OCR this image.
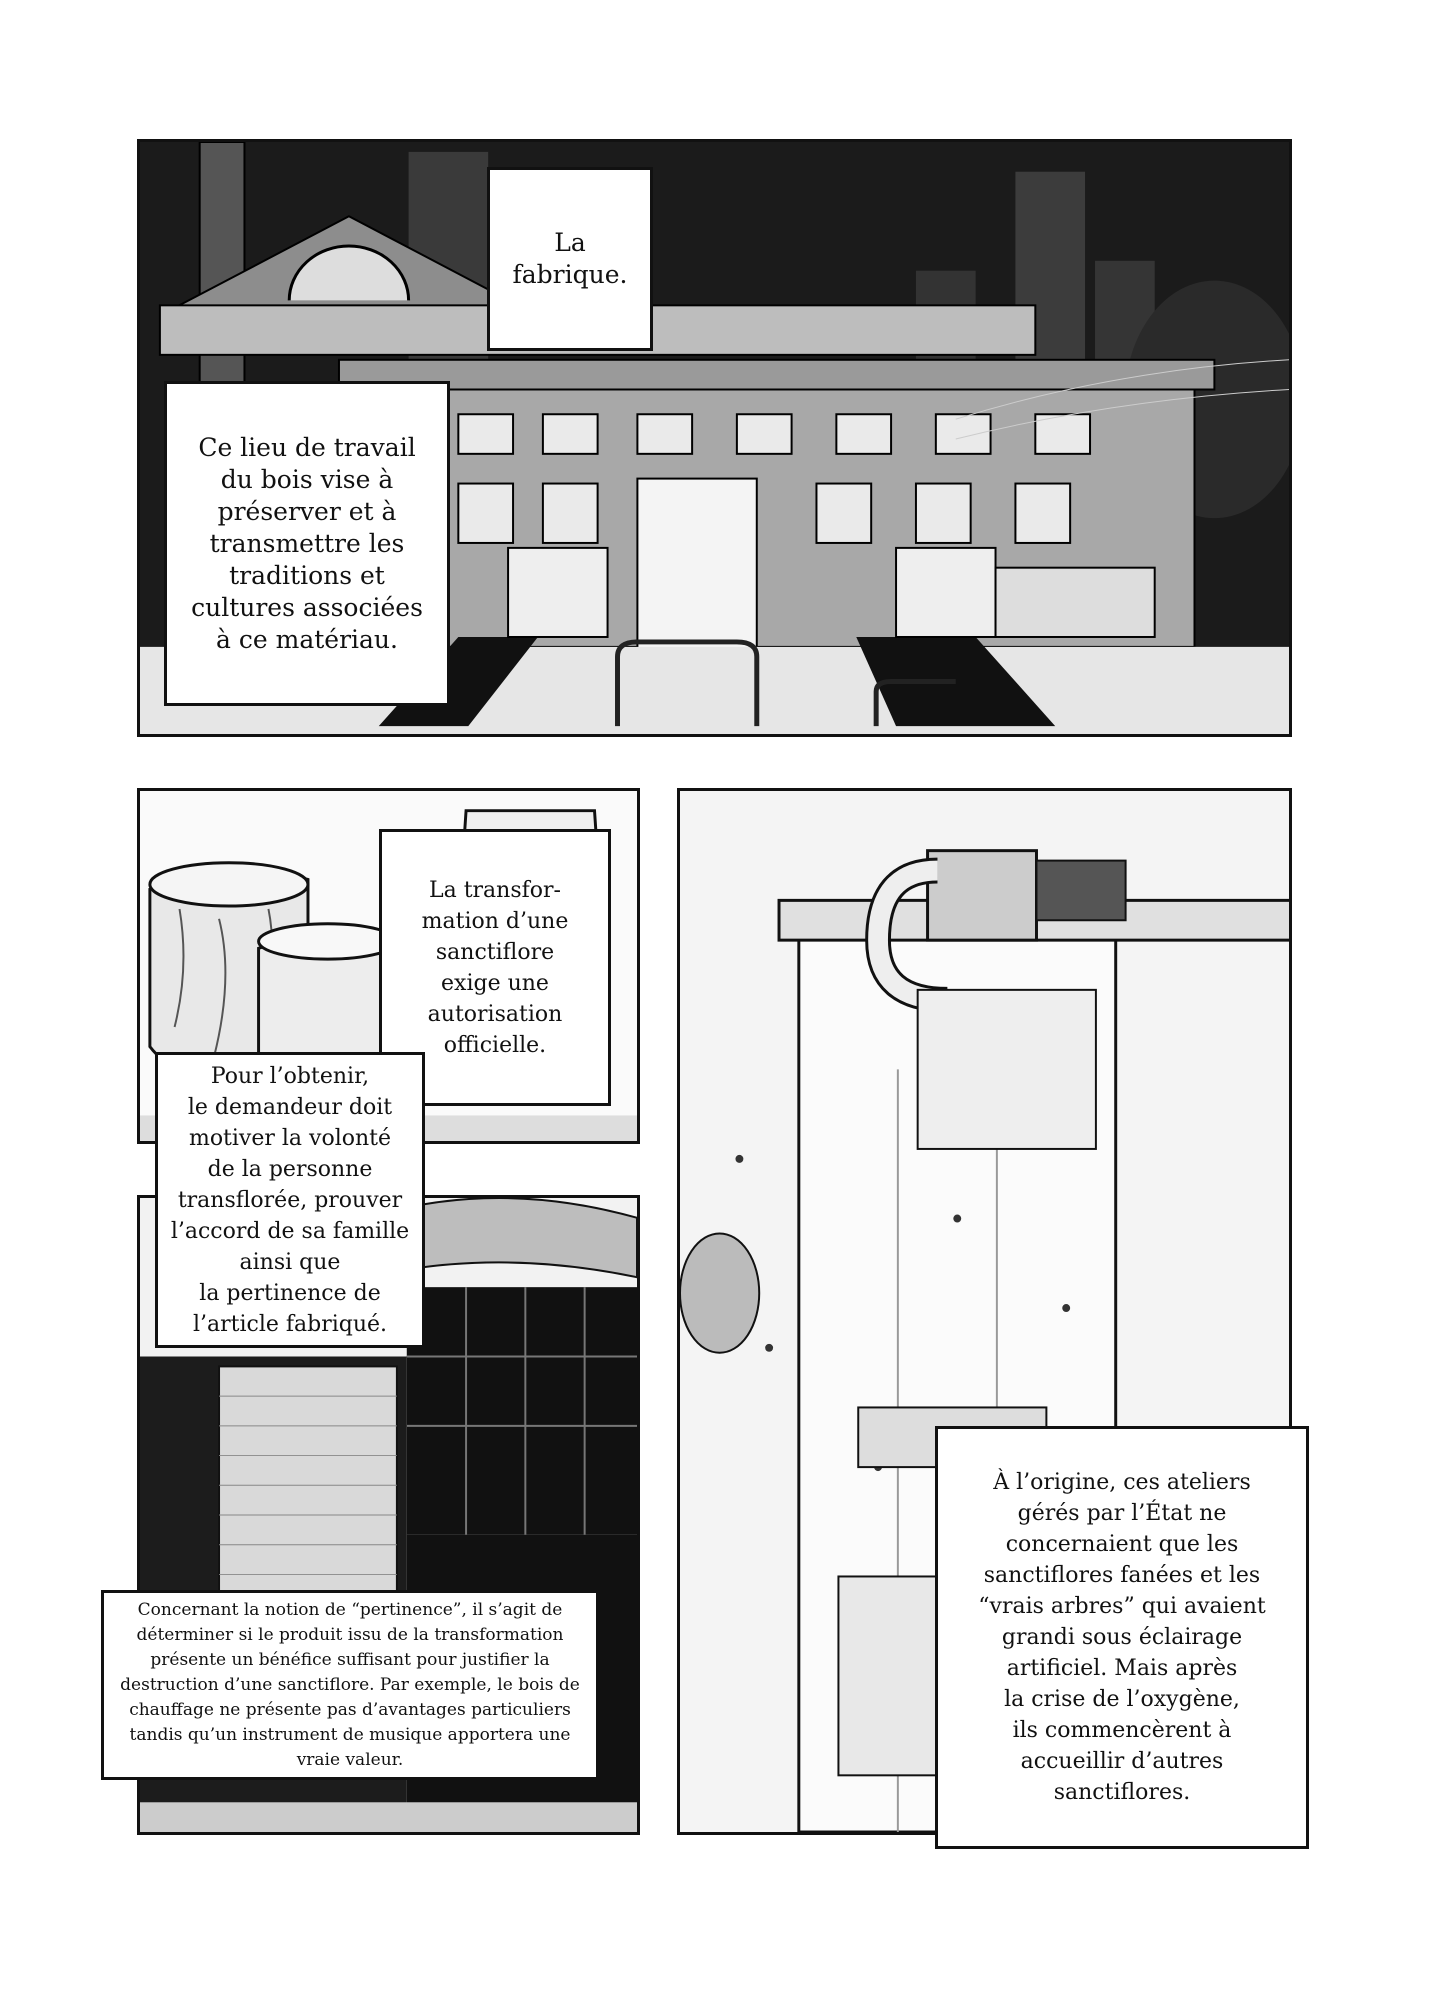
La
fabrique.
Ce lieu de travail
du bois vise à
préserver et à
transmettre les
traditions et
cultures associées
à ce matériau.
La transfor-
mation d’une
sanctiflore
exige une
autorisation
officielle.
Pour l’obtenir,
le demandeur doit
motiver la volonté
de la personne
transflorée, prouver
l’accord de sa famille
ainsi que
la pertinence de
l’article fabriqué.
Concernant la notion de “pertinence”, il s’agit de déterminer si le produit issu de la transformation présente un bénéfice suffisant pour justifier la destruction d’une sanctiflore. Par exemple, le bois de chauffage ne présente pas d’avantages particuliers tandis qu’un instrument de musique apportera une vraie valeur.
À l’origine, ces ateliers
gérés par l’État ne
concernaient que les
sanctiflores fanées et les
“vrais arbres” qui avaient
grandi sous éclairage
artificiel. Mais après
la crise de l’oxygène,
ils commencèrent à
accueillir d’autres
sanctiflores.
